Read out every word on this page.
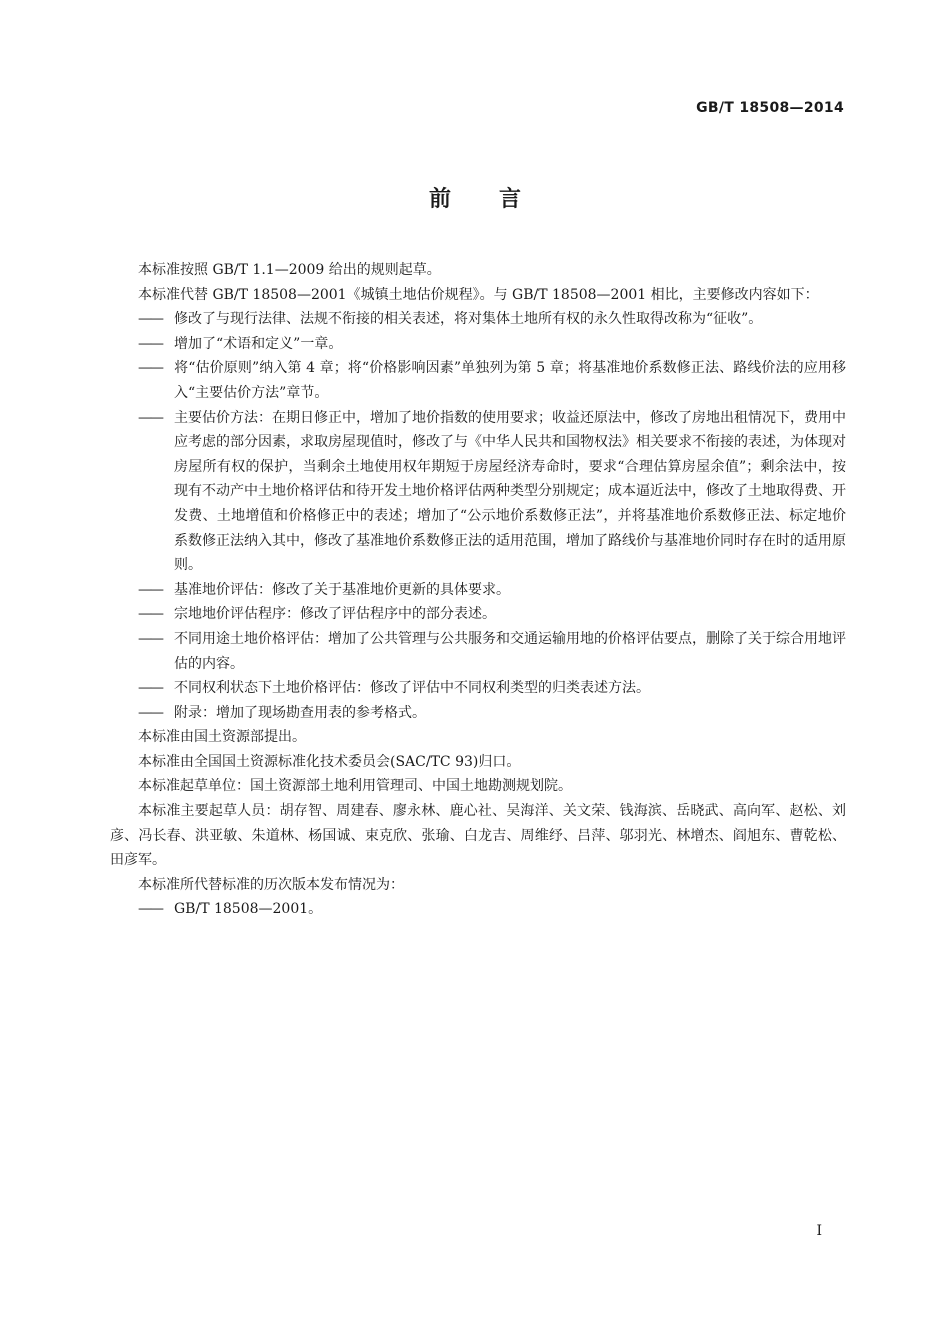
GB/T 18508—2014
前言

本标准按照 GB/T 1.1—2009 给出的规则起草。

本标准代替 GB/T 18508—2001《城镇土地估价规程》。与 GB/T 18508—2001 相比，主要修改内容如下：

—— 修改了与现行法律、法规不衔接的相关表述，将对集体土地所有权的永久性取得改称为“征收”。

—— 增加了“术语和定义”一章。

—— 将“估价原则”纳入第 4 章；将“价格影响因素”单独列为第 5 章；将基准地价系数修正法、路线价法的应用移入“主要估价方法”章节。

—— 主要估价方法：在期日修正中，增加了地价指数的使用要求；收益还原法中，修改了房地出租情况下，费用中应考虑的部分因素，求取房屋现值时，修改了与《中华人民共和国物权法》相关要求不衔接的表述，为体现对房屋所有权的保护，当剩余土地使用权年期短于房屋经济寿命时，要求“合理估算房屋余值”；剩余法中，按现有不动产中土地价格评估和待开发土地价格评估两种类型分别规定；成本逼近法中，修改了土地取得费、开发费、土地增值和价格修正中的表述；增加了“公示地价系数修正法”，并将基准地价系数修正法、标定地价系数修正法纳入其中，修改了基准地价系数修正法的适用范围，增加了路线价与基准地价同时存在时的适用原则。

—— 基准地价评估：修改了关于基准地价更新的具体要求。

—— 宗地地价评估程序：修改了评估程序中的部分表述。

—— 不同用途土地价格评估：增加了公共管理与公共服务和交通运输用地的价格评估要点，删除了关于综合用地评估的内容。

—— 不同权利状态下土地价格评估：修改了评估中不同权利类型的归类表述方法。

—— 附录：增加了现场勘查用表的参考格式。

本标准由国土资源部提出。

本标准由全国国土资源标准化技术委员会(SAC/TC 93)归口。

本标准起草单位：国土资源部土地利用管理司、中国土地勘测规划院。

本标准主要起草人员：胡存智、周建春、廖永林、鹿心社、吴海洋、关文荣、钱海滨、岳晓武、高向军、赵松、刘彦、冯长春、洪亚敏、朱道林、杨国诚、束克欣、张瑜、白龙吉、周维纾、吕萍、邬羽光、林增杰、阎旭东、曹乾松、田彦军。

本标准所代替标准的历次版本发布情况为：

—— GB/T 18508—2001。

I
